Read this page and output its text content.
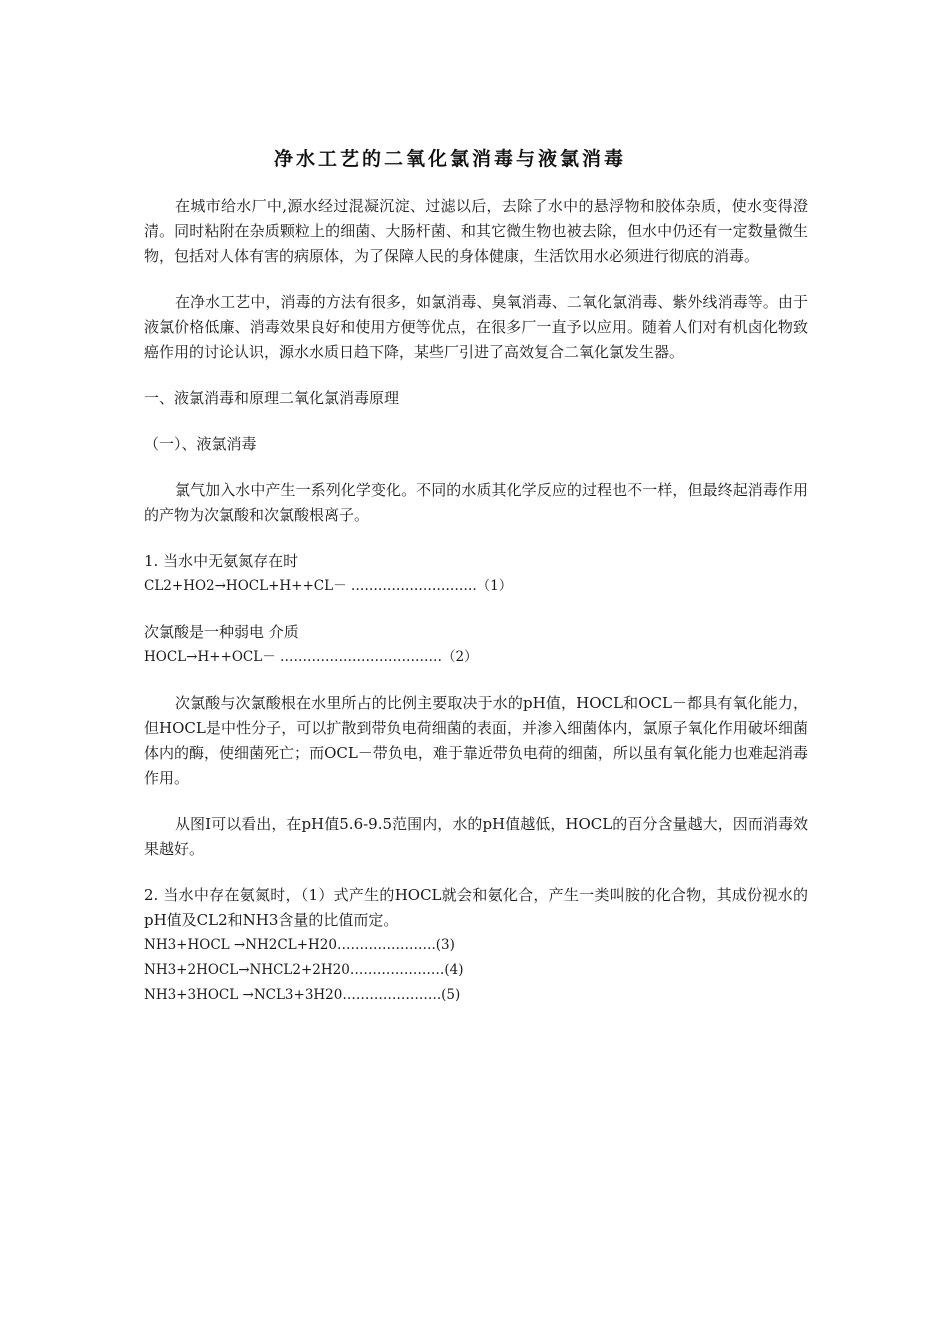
净水工艺的二氧化氯消毒与液氯消毒

在城市给水厂中,源水经过混凝沉淀、过滤以后，去除了水中的悬浮物和胶体杂质，使水变得澄清。同时粘附在杂质颗粒上的细菌、大肠杆菌、和其它微生物也被去除，但水中仍还有一定数量微生物，包括对人体有害的病原体，为了保障人民的身体健康，生活饮用水必须进行彻底的消毒。

在净水工艺中，消毒的方法有很多，如氯消毒、臭氧消毒、二氧化氯消毒、紫外线消毒等。由于液氯价格低廉、消毒效果良好和使用方便等优点，在很多厂一直予以应用。随着人们对有机卤化物致癌作用的讨论认识，源水水质日趋下降，某些厂引进了高效复合二氧化氯发生器。

一、液氯消毒和原理二氧化氯消毒原理

（一）、液氯消毒

氯气加入水中产生一系列化学变化。不同的水质其化学反应的过程也不一样，但最终起消毒作用的产物为次氯酸和次氯酸根离子。

1. 当水中无氨氮存在时

CL2+HO2→HOCL+H++CL－ ……………………….（1）

次氯酸是一种弱电 介质

HOCL→H++OCL－ ………………………………（2）

次氯酸与次氯酸根在水里所占的比例主要取决于水的pH值，HOCL和OCL－都具有氧化能力，但HOCL是中性分子，可以扩散到带负电荷细菌的表面，并渗入细菌体内，氯原子氧化作用破坏细菌体内的酶，使细菌死亡；而OCL－带负电，难于靠近带负电荷的细菌，所以虽有氧化能力也难起消毒作用。

从图Ⅰ可以看出，在pH值5.6-9.5范围内，水的pH值越低，HOCL的百分含量越大，因而消毒效果越好。

2. 当水中存在氨氮时，（1）式产生的HOCL就会和氨化合，产生一类叫胺的化合物，其成份视水的pH值及CL2和NH3含量的比值而定。

NH3+HOCL →NH2CL+H20………………….(3)

NH3+2HOCL→NHCL2+2H20…………………(4)

NH3+3HOCL →NCL3+3H20………………….(5)
